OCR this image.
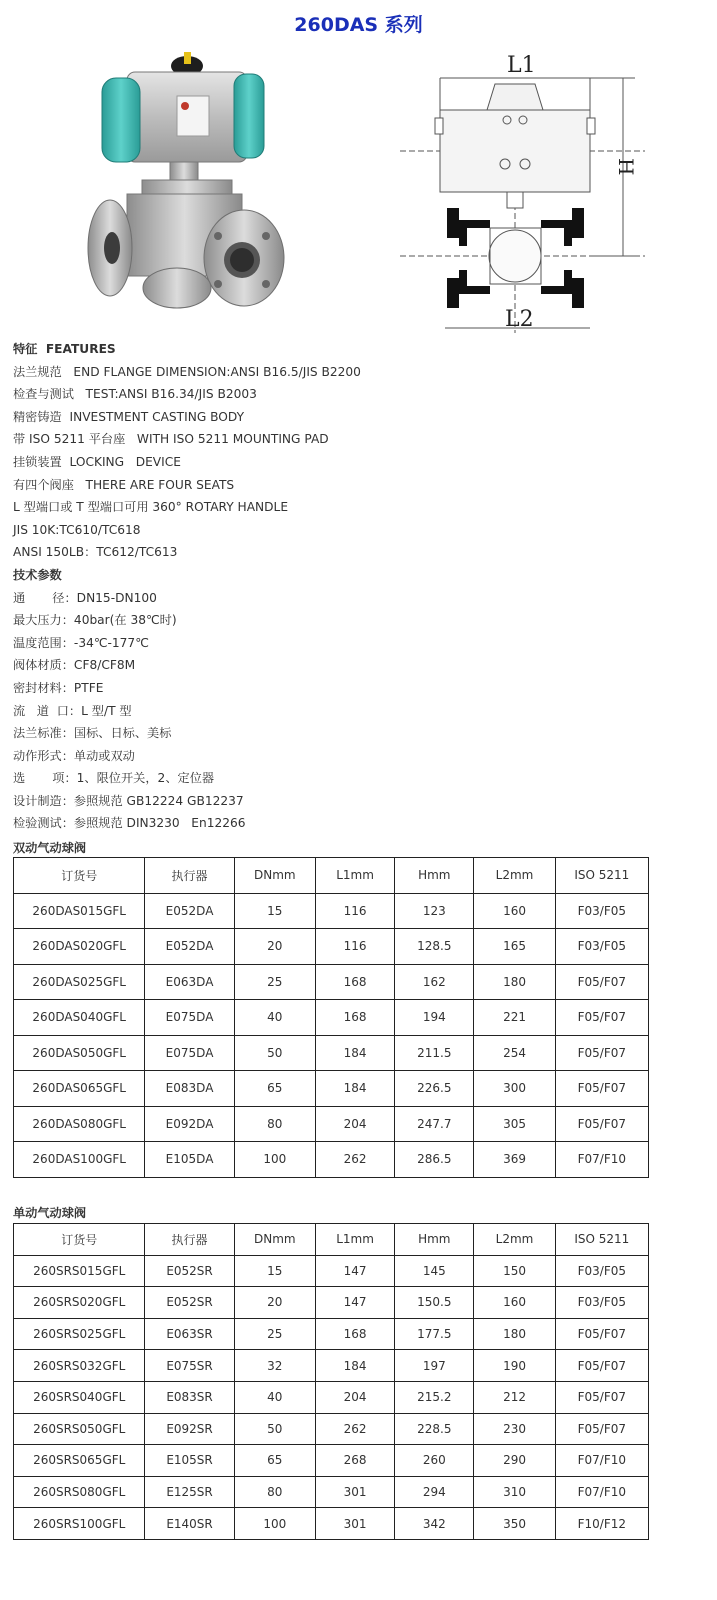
260DAS 系列
L1
L2
H
特征  FEATURES
法兰规范   END FLANGE DIMENSION:ANSI B16.5/JIS B2200
检查与测试   TEST:ANSI B16.34/JIS B2003
精密铸造  INVESTMENT CASTING BODY
带 ISO 5211 平台座   WITH ISO 5211 MOUNTING PAD
挂锁装置  LOCKING   DEVICE
有四个阀座   THERE ARE FOUR SEATS
L 型端口或 T 型端口可用 360° ROTARY HANDLE
JIS 10K:TC610/TC618
ANSI 150LB：TC612/TC613
技术参数
通       径：DN15-DN100
最大压力：40bar(在 38℃时)
温度范围：-34℃-177℃
阀体材质：CF8/CF8M
密封材料：PTFE
流   道  口：L 型/T 型
法兰标准：国标、日标、美标
动作形式：单动或双动
选       项：1、限位开关，2、定位器
设计制造：参照规范 GB12224 GB12237
检验测试：参照规范 DIN3230   En12266
双动气动球阀
订货号	执行器	DNmm	L1mm	Hmm	L2mm	ISO 5211
260DAS015GFL	E052DA	15	116	123	160	F03/F05
260DAS020GFL	E052DA	20	116	128.5	165	F03/F05
260DAS025GFL	E063DA	25	168	162	180	F05/F07
260DAS040GFL	E075DA	40	168	194	221	F05/F07
260DAS050GFL	E075DA	50	184	211.5	254	F05/F07
260DAS065GFL	E083DA	65	184	226.5	300	F05/F07
260DAS080GFL	E092DA	80	204	247.7	305	F05/F07
260DAS100GFL	E105DA	100	262	286.5	369	F07/F10
单动气动球阀
订货号	执行器	DNmm	L1mm	Hmm	L2mm	ISO 5211
260SRS015GFL	E052SR	15	147	145	150	F03/F05
260SRS020GFL	E052SR	20	147	150.5	160	F03/F05
260SRS025GFL	E063SR	25	168	177.5	180	F05/F07
260SRS032GFL	E075SR	32	184	197	190	F05/F07
260SRS040GFL	E083SR	40	204	215.2	212	F05/F07
260SRS050GFL	E092SR	50	262	228.5	230	F05/F07
260SRS065GFL	E105SR	65	268	260	290	F07/F10
260SRS080GFL	E125SR	80	301	294	310	F07/F10
260SRS100GFL	E140SR	100	301	342	350	F10/F12
